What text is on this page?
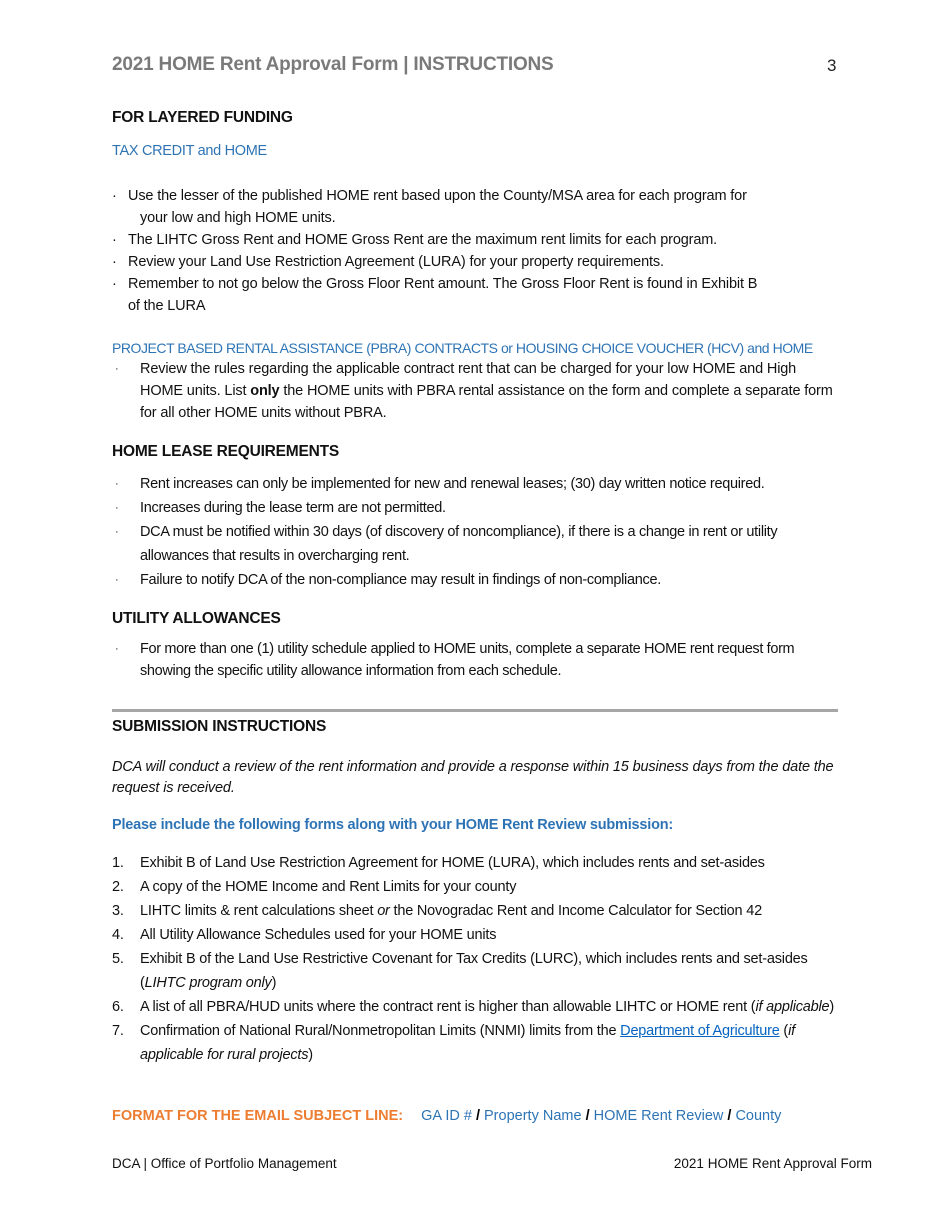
2021 HOME Rent Approval Form | INSTRUCTIONS	3
FOR LAYERED FUNDING
TAX CREDIT and HOME
· Use the lesser of the published HOME rent based upon the County/MSA area for each program for
your low and high HOME units.
· The LIHTC Gross Rent and HOME Gross Rent are the maximum rent limits for each program.
· Review your Land Use Restriction Agreement (LURA) for your property requirements.
· Remember to not go below the Gross Floor Rent amount. The Gross Floor Rent is found in Exhibit B
of the LURA
PROJECT BASED RENTAL ASSISTANCE (PBRA) CONTRACTS or HOUSING CHOICE VOUCHER (HCV) and HOME
· Review the rules regarding the applicable contract rent that can be charged for your low HOME and High HOME units. List only the HOME units with PBRA rental assistance on the form and complete a separate form for all other HOME units without PBRA.
HOME LEASE REQUIREMENTS
· Rent increases can only be implemented for new and renewal leases; (30) day written notice required.
· Increases during the lease term are not permitted.
· DCA must be notified within 30 days (of discovery of noncompliance), if there is a change in rent or utility allowances that results in overcharging rent.
· Failure to notify DCA of the non-compliance may result in findings of non-compliance.
UTILITY ALLOWANCES
· For more than one (1) utility schedule applied to HOME units, complete a separate HOME rent request form showing the specific utility allowance information from each schedule.
SUBMISSION INSTRUCTIONS
DCA will conduct a review of the rent information and provide a response within 15 business days from the date the request is received.
Please include the following forms along with your HOME Rent Review submission:
1. Exhibit B of Land Use Restriction Agreement for HOME (LURA), which includes rents and set-asides
2. A copy of the HOME Income and Rent Limits for your county
3. LIHTC limits & rent calculations sheet or the Novogradac Rent and Income Calculator for Section 42
4. All Utility Allowance Schedules used for your HOME units
5. Exhibit B of the Land Use Restrictive Covenant for Tax Credits (LURC), which includes rents and set-asides (LIHTC program only)
6. A list of all PBRA/HUD units where the contract rent is higher than allowable LIHTC or HOME rent (if applicable)
7. Confirmation of National Rural/Nonmetropolitan Limits (NNMI) limits from the Department of Agriculture (if applicable for rural projects)
FORMAT FOR THE EMAIL SUBJECT LINE: GA ID # / Property Name / HOME Rent Review / County
DCA | Office of Portfolio Management	2021 HOME Rent Approval Form
